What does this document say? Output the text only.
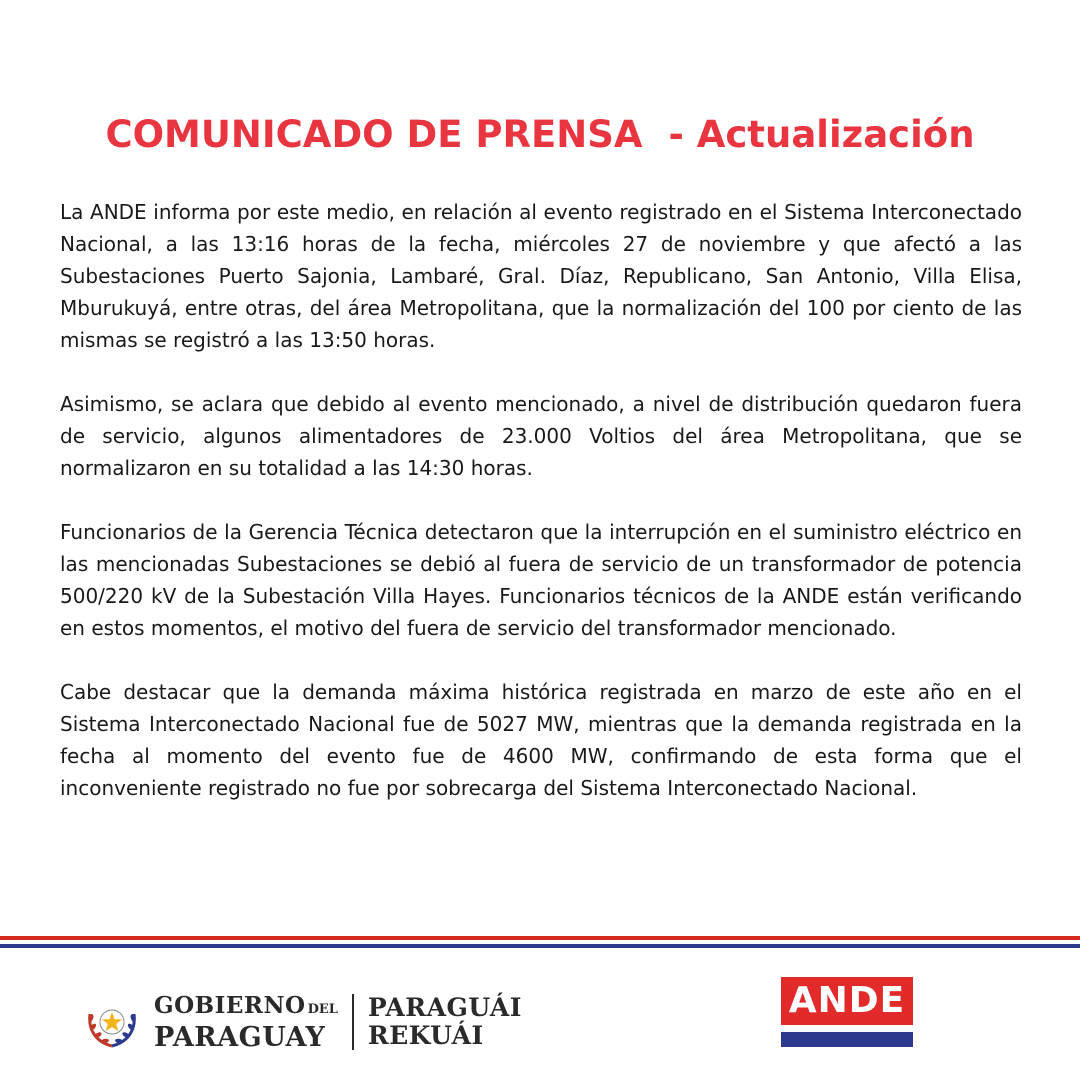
COMUNICADO DE PRENSA - Actualización

La ANDE informa por este medio, en relación al evento registrado en el Sistema Interconectado Nacional, a las 13:16 horas de la fecha, miércoles 27 de noviembre y que afectó a las Subestaciones Puerto Sajonia, Lambaré, Gral. Díaz, Republicano, San Antonio, Villa Elisa, Mburukuyá, entre otras, del área Metropolitana, que la normalización del 100 por ciento de las mismas se registró a las 13:50 horas.

Asimismo, se aclara que debido al evento mencionado, a nivel de distribución quedaron fuera de servicio, algunos alimentadores de 23.000 Voltios del área Metropolitana, que se normalizaron en su totalidad a las 14:30 horas.

Funcionarios de la Gerencia Técnica detectaron que la interrupción en el suministro eléctrico en las mencionadas Subestaciones se debió al fuera de servicio de un transformador de potencia 500/220 kV de la Subestación Villa Hayes. Funcionarios técnicos de la ANDE están verificando en estos momentos, el motivo del fuera de servicio del transformador mencionado.

Cabe destacar que la demanda máxima histórica registrada en marzo de este año en el Sistema Interconectado Nacional fue de 5027 MW, mientras que la demanda registrada en la fecha al momento del evento fue de 4600 MW, confirmando de esta forma que el inconveniente registrado no fue por sobrecarga del Sistema Interconectado Nacional.

GOBIERNO DEL
PARAGUAY
PARAGUÁI
REKUÁI
ANDE
